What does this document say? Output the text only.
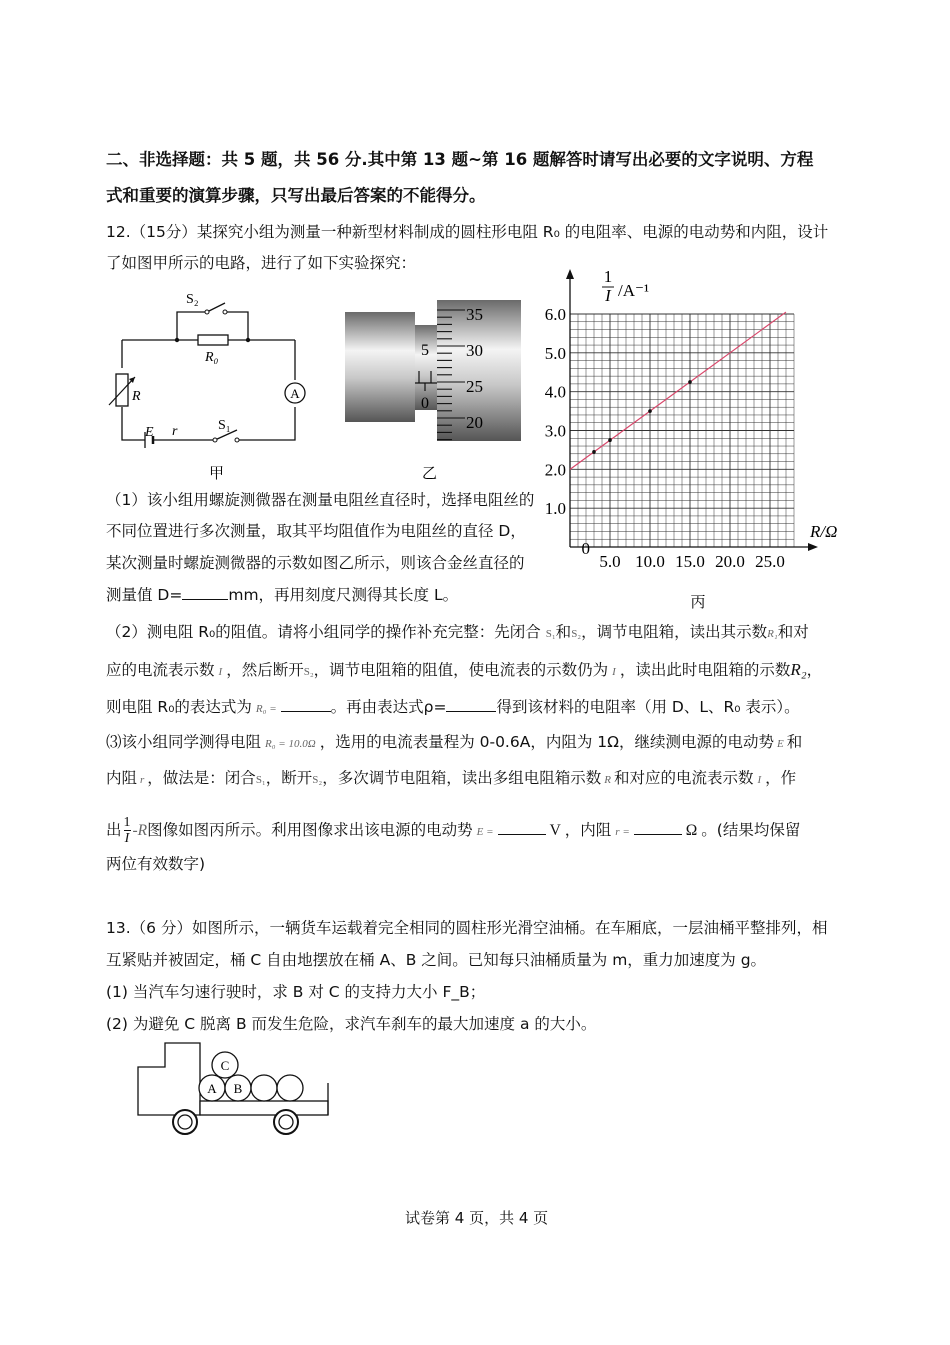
二、非选择题：共 5 题，共 56 分.其中第 13 题~第 16 题解答时请写出必要的文字说明、方程
式和重要的演算步骤，只写出最后答案的不能得分。
12.（15分）某探究小组为测量一种新型材料制成的圆柱形电阻 R₀ 的电阻率、电源的电动势和内阻，设计
了如图甲所示的电路，进行了如下实验探究：
A
S₂
R₀
R
E r	S₁
甲
5
0
35
30
25
20
乙
1
I /A⁻¹
R/Ω
0
5.0 10.0 15.0 20.0 25.0
1.0
2.0
3.0
4.0
5.0
6.0
丙
（1）该小组用螺旋测微器在测量电阻丝直径时，选择电阻丝的
不同位置进行多次测量，取其平均阻值作为电阻丝的直径 D，
某次测量时螺旋测微器的示数如图乙所示，则该合金丝直径的
测量值 D=	mm，再用刻度尺测得其长度 L。
（2）测电阻 R₀的阻值。请将小组同学的操作补充完整：先闭合 S₁和S₂，调节电阻箱，读出其示数R₁和对
应的电流表示数 I ，然后断开S₂，调节电阻箱的阻值，使电流表的示数仍为 I ，读出此时电阻箱的示数R₂，
则电阻 R₀的表达式为 R₀ =	。再由表达式ρ=	得到该材料的电阻率（用 D、L、R₀ 表示）。
⑶该小组同学测得电阻 R₀ = 10.0Ω ，选用的电流表量程为 0-0.6A，内阻为 1Ω，继续测电源的电动势 E 和
内阻 r ，做法是：闭合S₁，断开S₂，多次调节电阻箱，读出多组电阻箱示数 R 和对应的电流表示数 I ，作
出 $\frac{1}{I} -R$图像如图丙所示。利用图像求出该电源的电动势 E =	V ，内阻 r =	Ω 。(结果均保留
两位有效数字)
13.（6 分）如图所示，一辆货车运载着完全相同的圆柱形光滑空油桶。在车厢底，一层油桶平整排列，相
互紧贴并被固定，桶 C 自由地摆放在桶 A、B 之间。已知每只油桶质量为 m，重力加速度为 g。
(1) 当汽车匀速行驶时，求 B 对 C 的支持力大小 F_B；
(2) 为避免 C 脱离 B 而发生危险，求汽车刹车的最大加速度 a 的大小。
A B
C
试卷第 4 页，共 4 页
